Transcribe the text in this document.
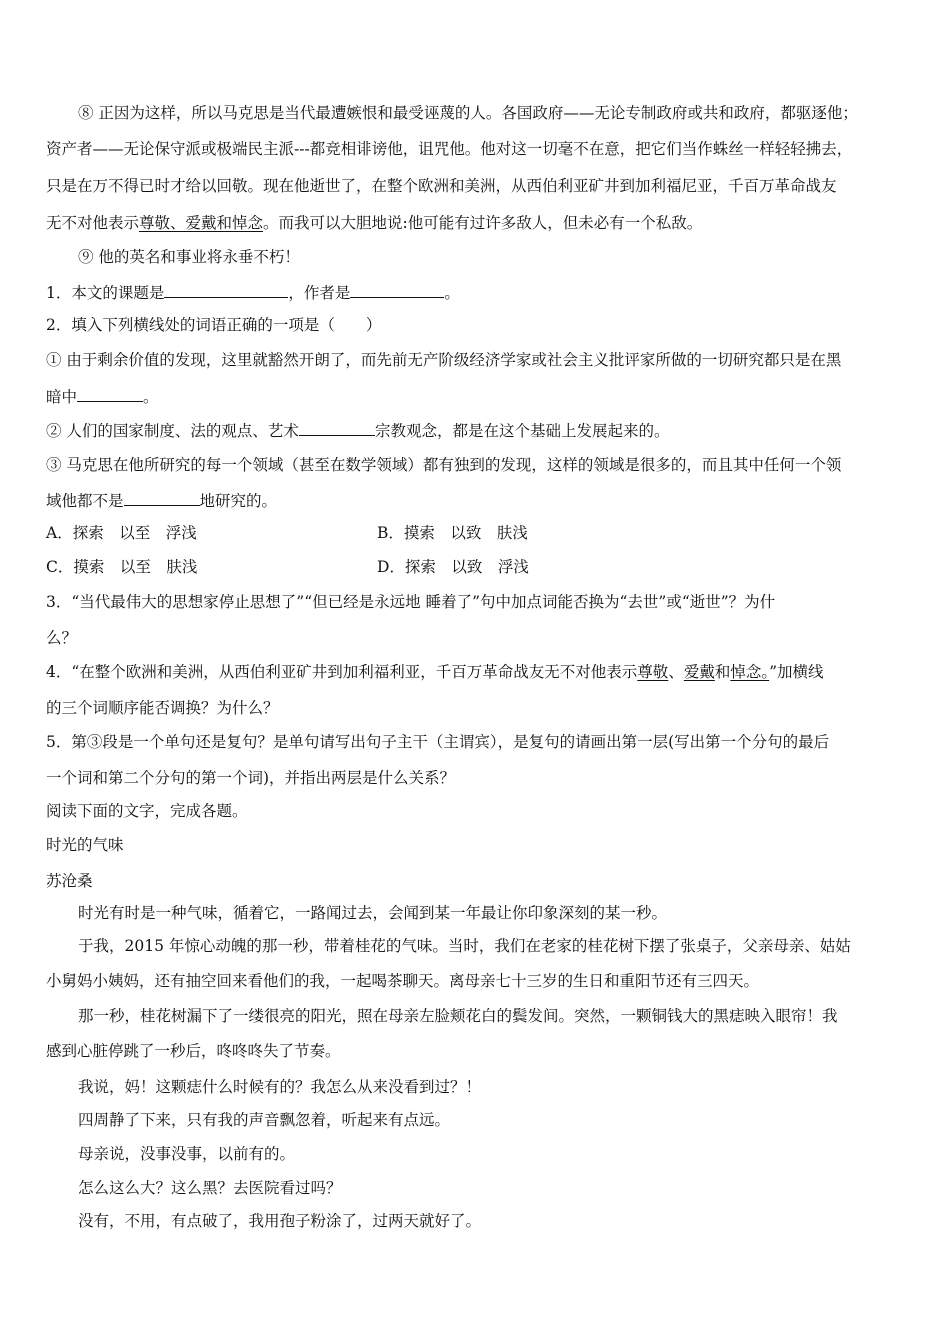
⑧ 正因为这样，所以马克思是当代最遭嫉恨和最受诬蔑的人。各国政府——无论专制政府或共和政府，都驱逐他；
资产者——无论保守派或极端民主派---都竞相诽谤他，诅咒他。他对这一切毫不在意，把它们当作蛛丝一样轻轻拂去，
只是在万不得已时才给以回敬。现在他逝世了，在整个欧洲和美洲，从西伯利亚矿井到加利福尼亚，千百万革命战友
无不对他表示尊敬、爱戴和悼念。而我可以大胆地说:他可能有过许多敌人，但未必有一个私敌。
⑨ 他的英名和事业将永垂不朽！
1．本文的课题是	，作者是	。
2．填入下列横线处的词语正确的一项是（　　）
① 由于剩余价值的发现，这里就豁然开朗了，而先前无产阶级经济学家或社会主义批评家所做的一切研究都只是在黑
暗中	。
② 人们的国家制度、法的观点、艺术	宗教观念，都是在这个基础上发展起来的。
③ 马克思在他所研究的每一个领域（甚至在数学领域）都有独到的发现，这样的领域是很多的，而且其中任何一个领
域他都不是	地研究的。
A．探索　以至　浮浅	B．摸索　以致　肤浅
C．摸索　以至　肤浅	D．探索　以致　浮浅
3．“当代最伟大的思想家停止思想了”“但已经是永远地 睡着了”句中加点词能否换为“去世”或“逝世”？为什
么？
4．“在整个欧洲和美洲，从西伯利亚矿井到加利福利亚，千百万革命战友无不对他表示尊敬、爱戴和悼念。”加横线
的三个词顺序能否调换？为什么？
5．第③段是一个单句还是复句？是单句请写出句子主干（主谓宾），是复句的请画出第一层(写出第一个分句的最后
一个词和第二个分句的第一个词)，并指出两层是什么关系？
阅读下面的文字，完成各题。
时光的气味
苏沧桑
时光有时是一种气味，循着它，一路闻过去，会闻到某一年最让你印象深刻的某一秒。
于我，2015 年惊心动魄的那一秒，带着桂花的气味。当时，我们在老家的桂花树下摆了张桌子，父亲母亲、姑姑
小舅妈小姨妈，还有抽空回来看他们的我，一起喝茶聊天。离母亲七十三岁的生日和重阳节还有三四天。
那一秒，桂花树漏下了一缕很亮的阳光，照在母亲左脸颊花白的鬓发间。突然，一颗铜钱大的黑痣映入眼帘！我
感到心脏停跳了一秒后，咚咚咚失了节奏。
我说，妈！这颗痣什么时候有的？我怎么从来没看到过？！
四周静了下来，只有我的声音飘忽着，听起来有点远。
母亲说，没事没事，以前有的。
怎么这么大？这么黑？去医院看过吗？
没有，不用，有点破了，我用孢子粉涂了，过两天就好了。
